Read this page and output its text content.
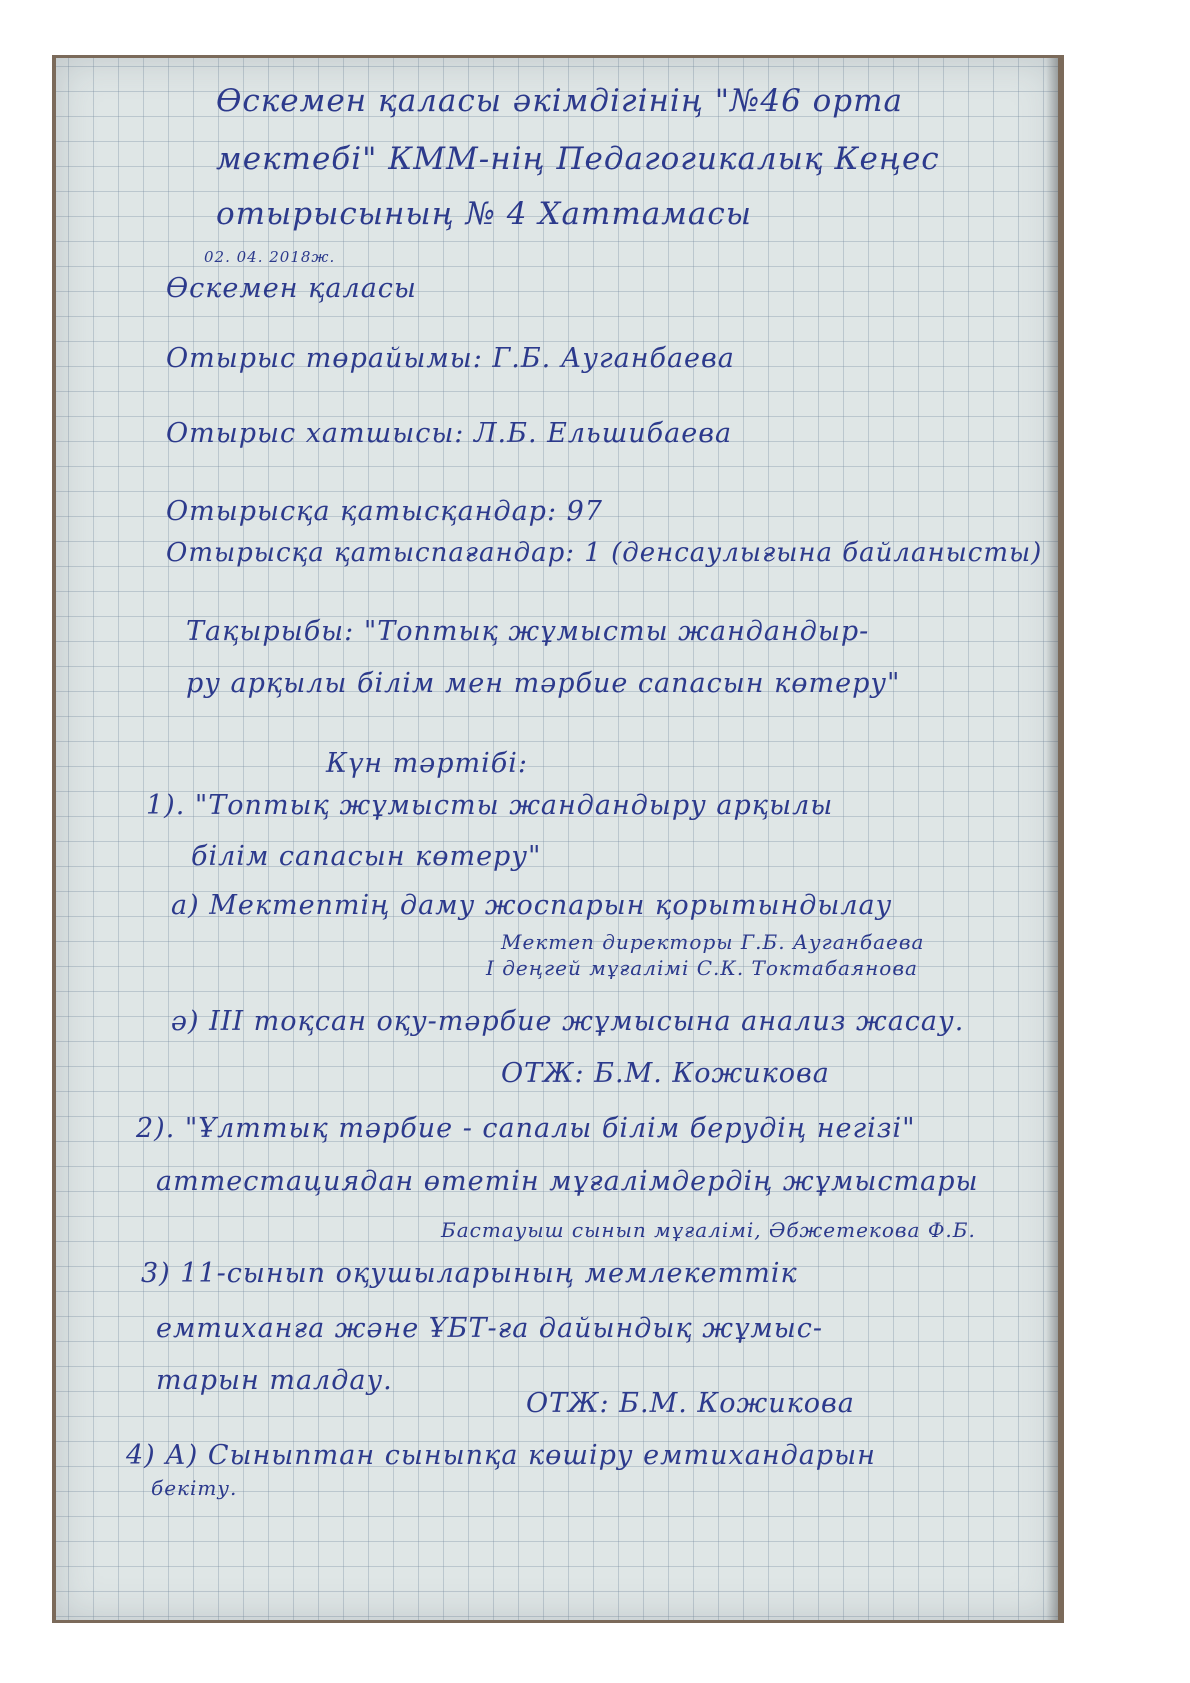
Өскемен қаласы әкімдігінің "№46 орта
мектебі" КММ-нің Педагогикалық Кеңес
отырысының № 4 Хаттамасы
02. 04. 2018ж.
Өскемен қаласы
Отырыс төрайымы: Г.Б. Ауганбаева
Отырыс хатшысы: Л.Б. Ельшибаева
Отырысқа қатысқандар: 97
Отырысқа қатыспағандар: 1 (денсаулығына байланысты)
Тақырыбы: "Топтық жұмысты жандандыр-
ру арқылы білім мен тәрбие сапасын көтеру"
Күн тәртібі:
1). "Топтық жұмысты жандандыру арқылы
білім сапасын көтеру"
а) Мектептің даму жоспарын қорытындылау
Мектеп директоры Г.Б. Ауганбаева
І деңгей мұғалімі С.К. Токтабаянова
ә) ІІІ тоқсан оқу-тәрбие жұмысына анализ жасау.
ОТЖ: Б.М. Кожикова
2). "Ұлттық тәрбие - сапалы білім берудің негізі"
аттестациядан өтетін мұғалімдердің жұмыстары
Бастауыш сынып мұғалімі, Әбжетекова Ф.Б.
3) 11-сынып оқушыларының мемлекеттік
емтиханға және ҰБТ-ға дайындық жұмыс-
тарын талдау.
ОТЖ: Б.М. Кожикова
4) А) Сыныптан сыныпқа көшіру емтихандарын
бекіту.
